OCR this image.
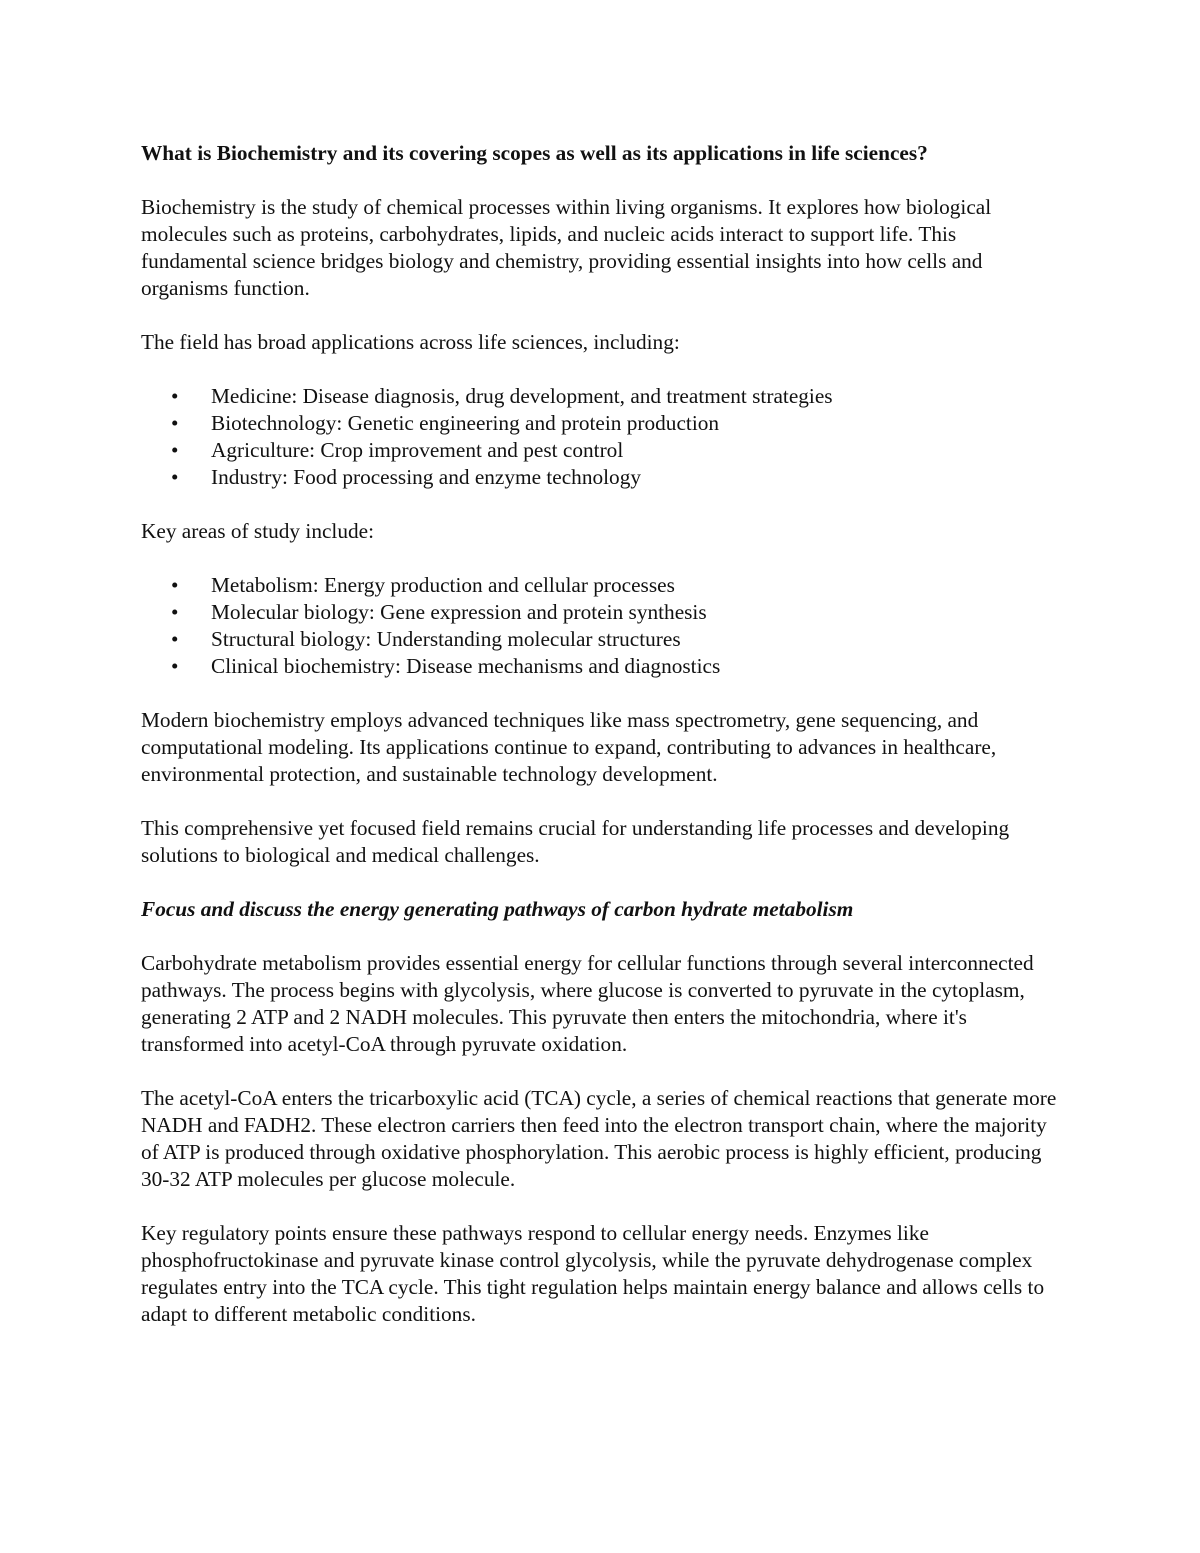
What is Biochemistry and its covering scopes as well as its applications in life sciences?

Biochemistry is the study of chemical processes within living organisms. It explores how biological molecules such as proteins, carbohydrates, lipids, and nucleic acids interact to support life. This fundamental science bridges biology and chemistry, providing essential insights into how cells and organisms function.

The field has broad applications across life sciences, including:

• Medicine: Disease diagnosis, drug development, and treatment strategies
• Biotechnology: Genetic engineering and protein production
• Agriculture: Crop improvement and pest control
• Industry: Food processing and enzyme technology

Key areas of study include:

• Metabolism: Energy production and cellular processes
• Molecular biology: Gene expression and protein synthesis
• Structural biology: Understanding molecular structures
• Clinical biochemistry: Disease mechanisms and diagnostics

Modern biochemistry employs advanced techniques like mass spectrometry, gene sequencing, and computational modeling. Its applications continue to expand, contributing to advances in healthcare, environmental protection, and sustainable technology development.

This comprehensive yet focused field remains crucial for understanding life processes and developing solutions to biological and medical challenges.

Focus and discuss the energy generating pathways of carbon hydrate metabolism

Carbohydrate metabolism provides essential energy for cellular functions through several interconnected pathways. The process begins with glycolysis, where glucose is converted to pyruvate in the cytoplasm, generating 2 ATP and 2 NADH molecules. This pyruvate then enters the mitochondria, where it's transformed into acetyl-CoA through pyruvate oxidation.

The acetyl-CoA enters the tricarboxylic acid (TCA) cycle, a series of chemical reactions that generate more NADH and FADH2. These electron carriers then feed into the electron transport chain, where the majority of ATP is produced through oxidative phosphorylation. This aerobic process is highly efficient, producing 30-32 ATP molecules per glucose molecule.

Key regulatory points ensure these pathways respond to cellular energy needs. Enzymes like phosphofructokinase and pyruvate kinase control glycolysis, while the pyruvate dehydrogenase complex regulates entry into the TCA cycle. This tight regulation helps maintain energy balance and allows cells to adapt to different metabolic conditions.
